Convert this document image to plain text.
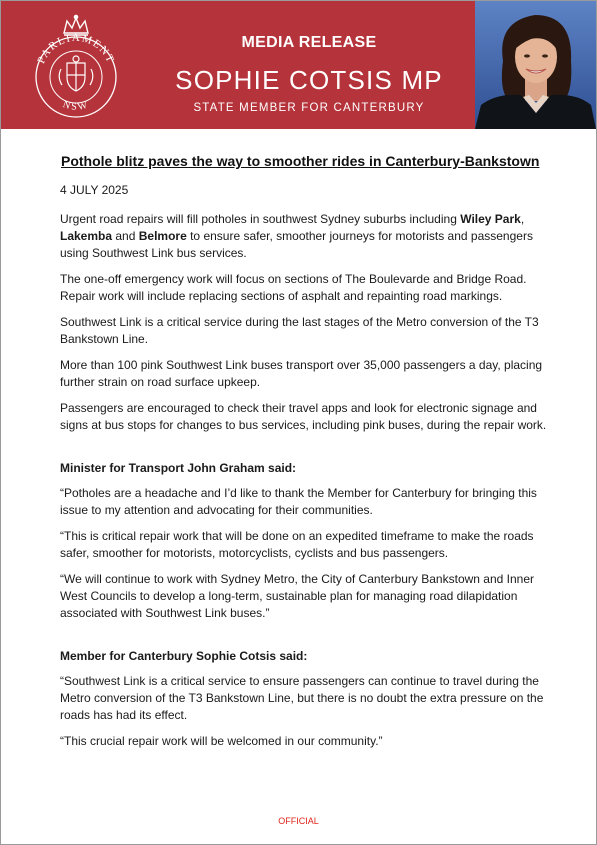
PARLIAMENT
NSW
MEDIA RELEASE
SOPHIE COTSIS MP
STATE MEMBER FOR CANTERBURY
Pothole blitz paves the way to smoother rides in Canterbury-Bankstown
4 JULY 2025

Urgent road repairs will fill potholes in southwest Sydney suburbs including Wiley Park, Lakemba and Belmore to ensure safer, smoother journeys for motorists and passengers using Southwest Link bus services.

The one-off emergency work will focus on sections of The Boulevarde and Bridge Road. Repair work will include replacing sections of asphalt and repainting road markings.

Southwest Link is a critical service during the last stages of the Metro conversion of the T3 Bankstown Line.

More than 100 pink Southwest Link buses transport over 35,000 passengers a day, placing further strain on road surface upkeep.

Passengers are encouraged to check their travel apps and look for electronic signage and signs at bus stops for changes to bus services, including pink buses, during the repair work.

Minister for Transport John Graham said:

“Potholes are a headache and I’d like to thank the Member for Canterbury for bringing this issue to my attention and advocating for their communities.

“This is critical repair work that will be done on an expedited timeframe to make the roads safer, smoother for motorists, motorcyclists, cyclists and bus passengers.

“We will continue to work with Sydney Metro, the City of Canterbury Bankstown and Inner West Councils to develop a long-term, sustainable plan for managing road dilapidation associated with Southwest Link buses.”

Member for Canterbury Sophie Cotsis said:

“Southwest Link is a critical service to ensure passengers can continue to travel during the Metro conversion of the T3 Bankstown Line, but there is no doubt the extra pressure on the roads has had its effect.

“This crucial repair work will be welcomed in our community.”

OFFICIAL
